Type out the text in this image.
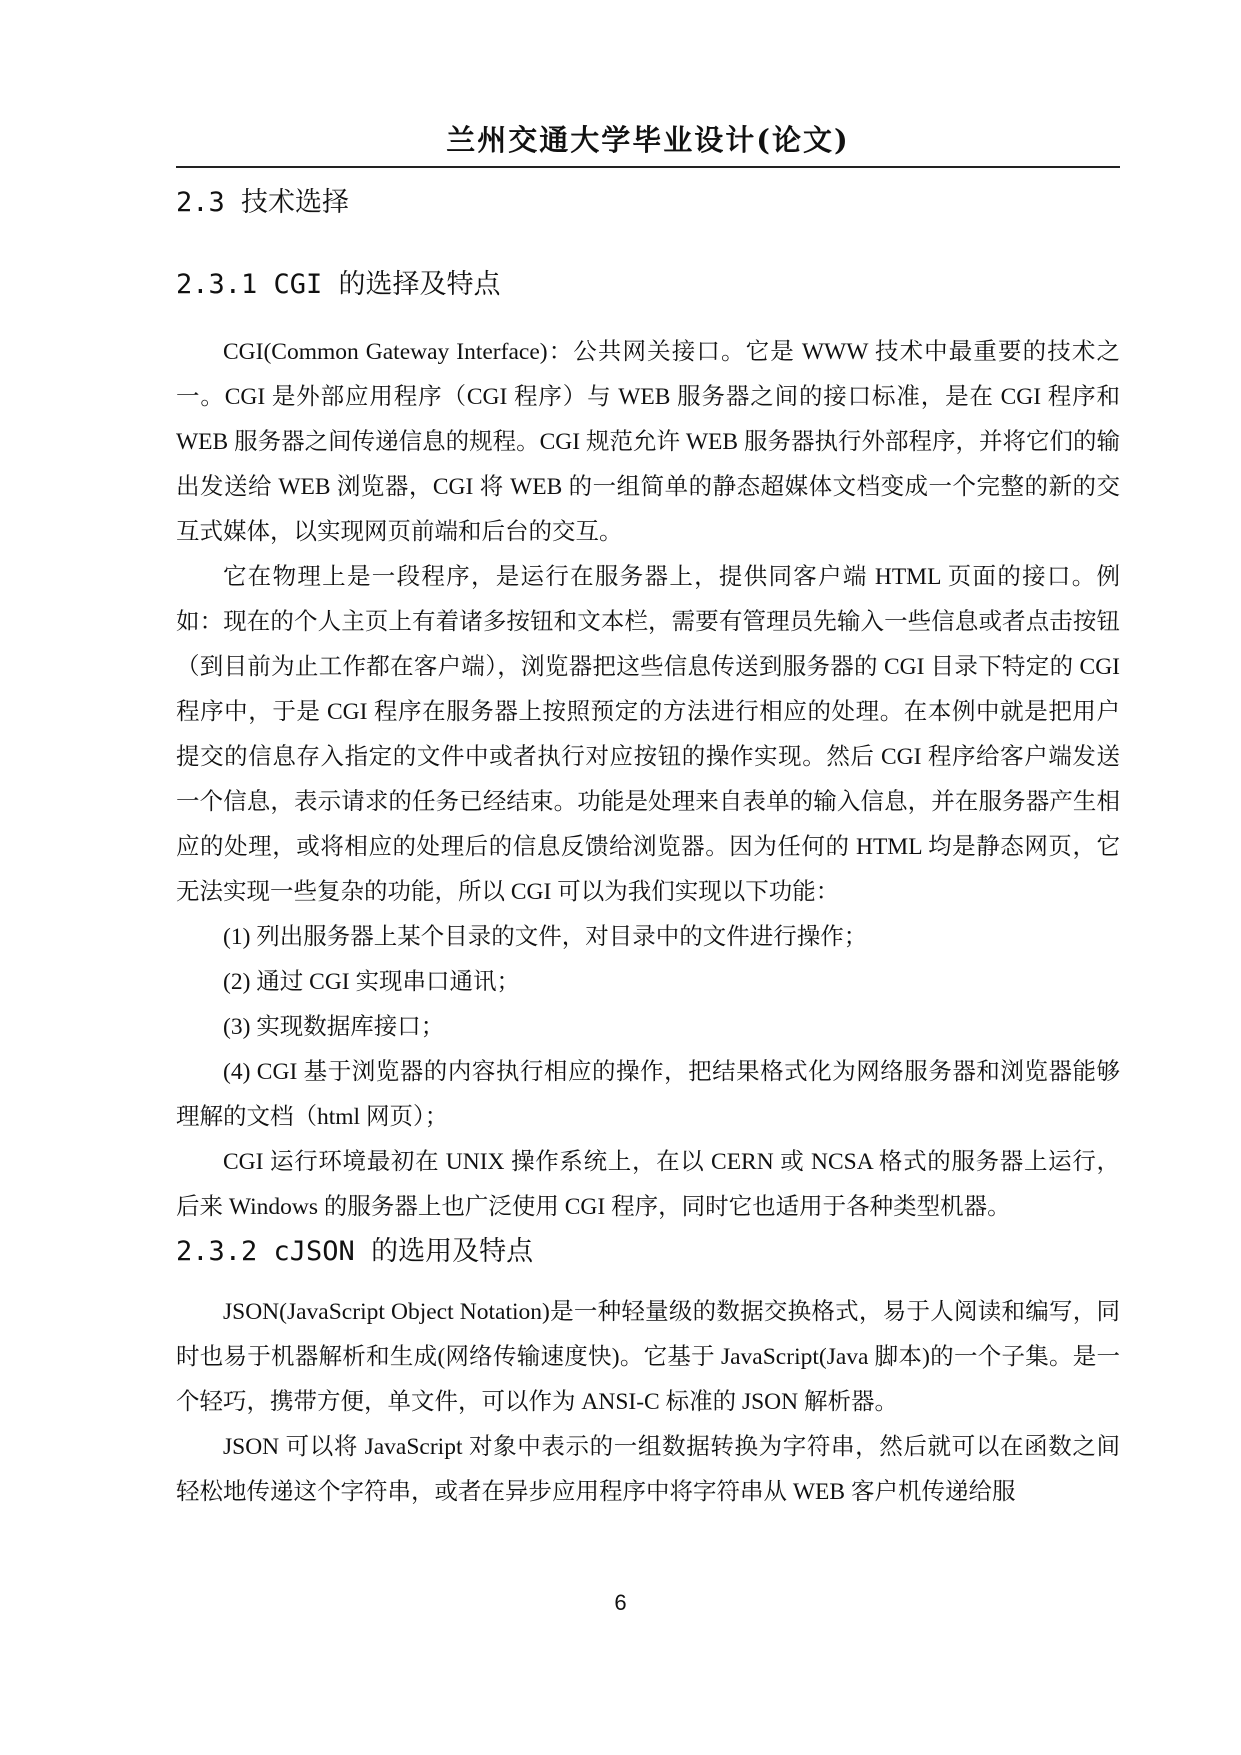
兰州交通大学毕业设计(论文)
2.3 技术选择
2.3.1 CGI 的选择及特点

CGI(Common Gateway Interface)：公共网关接口。它是 WWW 技术中最重要的技术之一。CGI 是外部应用程序（CGI 程序）与 WEB 服务器之间的接口标准，是在 CGI 程序和 WEB 服务器之间传递信息的规程。CGI 规范允许 WEB 服务器执行外部程序，并将它们的输出发送给 WEB 浏览器，CGI 将 WEB 的一组简单的静态超媒体文档变成一个完整的新的交互式媒体，以实现网页前端和后台的交互。

它在物理上是一段程序，是运行在服务器上，提供同客户端 HTML 页面的接口。例如：现在的个人主页上有着诸多按钮和文本栏，需要有管理员先输入一些信息或者点击按钮（到目前为止工作都在客户端），浏览器把这些信息传送到服务器的 CGI 目录下特定的 CGI 程序中，于是 CGI 程序在服务器上按照预定的方法进行相应的处理。在本例中就是把用户提交的信息存入指定的文件中或者执行对应按钮的操作实现。然后 CGI 程序给客户端发送一个信息，表示请求的任务已经结束。功能是处理来自表单的输入信息，并在服务器产生相应的处理，或将相应的处理后的信息反馈给浏览器。因为任何的 HTML 均是静态网页，它无法实现一些复杂的功能，所以 CGI 可以为我们实现以下功能：

(1) 列出服务器上某个目录的文件，对目录中的文件进行操作；

(2) 通过 CGI 实现串口通讯；

(3) 实现数据库接口；

(4) CGI 基于浏览器的内容执行相应的操作，把结果格式化为网络服务器和浏览器能够理解的文档（html 网页）；

CGI 运行环境最初在 UNIX 操作系统上，在以 CERN 或 NCSA 格式的服务器上运行，后来 Windows 的服务器上也广泛使用 CGI 程序，同时它也适用于各种类型机器。

2.3.2 cJSON 的选用及特点

JSON(JavaScript Object Notation)是一种轻量级的数据交换格式，易于人阅读和编写，同时也易于机器解析和生成(网络传输速度快)。它基于 JavaScript(Java 脚本)的一个子集。是一个轻巧，携带方便，单文件，可以作为 ANSI-C 标准的 JSON 解析器。

JSON 可以将 JavaScript 对象中表示的一组数据转换为字符串，然后就可以在函数之间轻松地传递这个字符串，或者在异步应用程序中将字符串从 WEB 客户机传递给服

6
